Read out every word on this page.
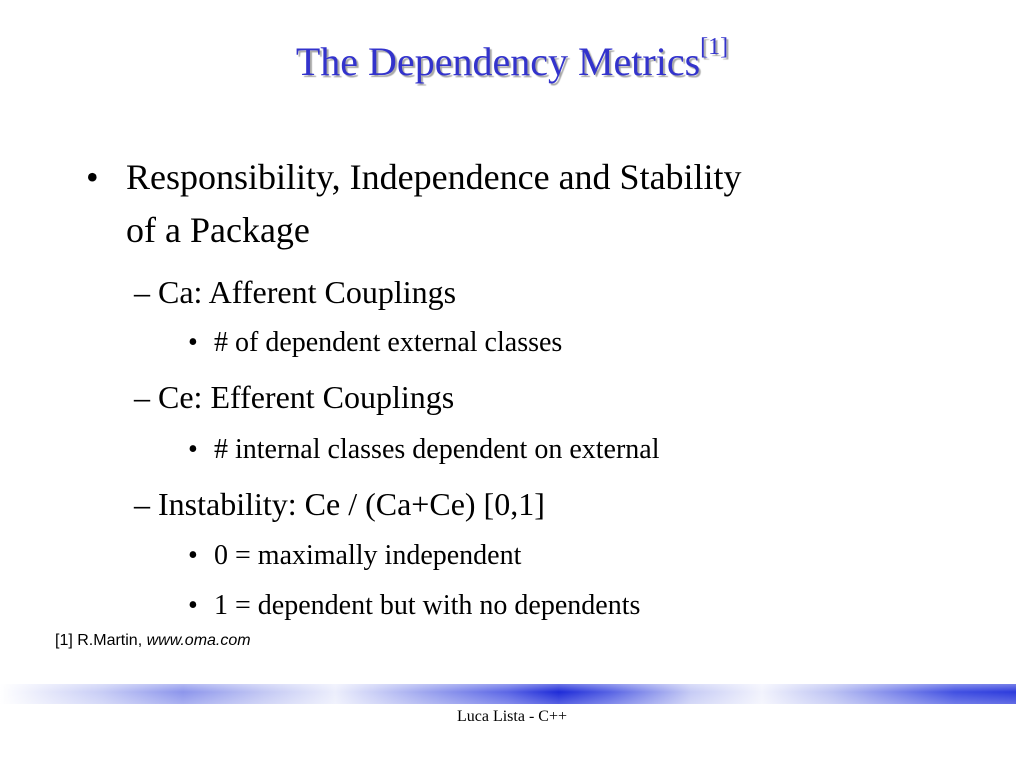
The Dependency Metrics[1]
• Responsibility, Independence and Stability
of a Package
– Ca: Afferent Couplings
• # of dependent external classes
– Ce: Efferent Couplings
• # internal classes dependent on external
– Instability: Ce / (Ca+Ce) [0,1]
• 0 = maximally independent
• 1 = dependent but with no dependents
[1] R.Martin, www.oma.com
Luca Lista - C++
